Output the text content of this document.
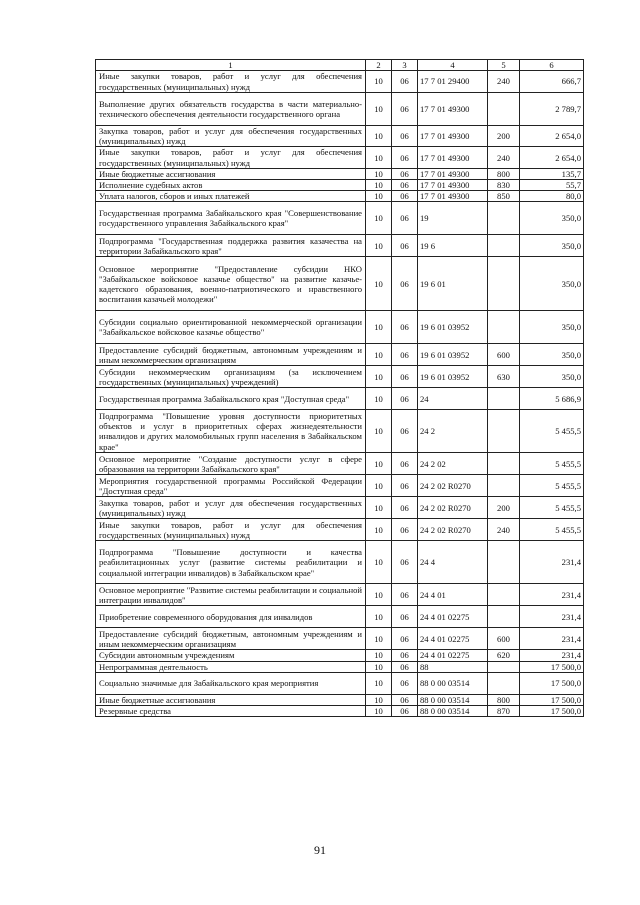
1	2	3	4	5	6
Иные закупки товаров, работ и услуг для обеспечения государственных (муниципальных) нужд	10	06	17 7 01 29400	240	666,7
Выполнение других обязательств государства в части материально-технического обеспечения деятельности государственного органа	10	06	17 7 01 49300		2 789,7
Закупка товаров, работ и услуг для обеспечения государственных (муниципальных) нужд	10	06	17 7 01 49300	200	2 654,0
Иные закупки товаров, работ и услуг для обеспечения государственных (муниципальных) нужд	10	06	17 7 01 49300	240	2 654,0
Иные бюджетные ассигнования	10	06	17 7 01 49300	800	135,7
Исполнение судебных актов	10	06	17 7 01 49300	830	55,7
Уплата налогов, сборов и иных платежей	10	06	17 7 01 49300	850	80,0
Государственная программа Забайкальского края "Совершенствование государственного управления Забайкальского края"	10	06	19		350,0
Подпрограмма "Государственная поддержка развития казачества на территории Забайкальского края"	10	06	19 6		350,0
Основное мероприятие "Предоставление субсидии НКО "Забайкальское войсковое казачье общество" на развитие казачье-кадетского образования, военно-патриотического и нравственного воспитания казачьей молодежи"	10	06	19 6 01		350,0
Субсидии социально ориентированной некоммерческой организации "Забайкальское войсковое казачье общество"	10	06	19 6 01 03952		350,0
Предоставление субсидий бюджетным, автономным учреждениям и иным некоммерческим организациям	10	06	19 6 01 03952	600	350,0
Субсидии некоммерческим организациям (за исключением государственных (муниципальных) учреждений)	10	06	19 6 01 03952	630	350,0
Государственная программа Забайкальского края "Доступная среда"	10	06	24		5 686,9
Подпрограмма "Повышение уровня доступности приоритетных объектов и услуг в приоритетных сферах жизнедеятельности инвалидов и других маломобильных групп населения в Забайкальском крае"	10	06	24 2		5 455,5
Основное мероприятие "Создание доступности услуг в сфере образования на территории Забайкальского края"	10	06	24 2 02		5 455,5
Мероприятия государственной программы Российской Федерации "Доступная среда"	10	06	24 2 02 R0270		5 455,5
Закупка товаров, работ и услуг для обеспечения государственных (муниципальных) нужд	10	06	24 2 02 R0270	200	5 455,5
Иные закупки товаров, работ и услуг для обеспечения государственных (муниципальных) нужд	10	06	24 2 02 R0270	240	5 455,5
Подпрограмма "Повышение доступности и качества реабилитационных услуг (развитие системы реабилитации и социальной интеграции инвалидов) в Забайкальском крае"	10	06	24 4		231,4
Основное мероприятие "Развитие системы реабилитации и социальной интеграции инвалидов"	10	06	24 4 01		231,4
Приобретение современного оборудования для инвалидов	10	06	24 4 01 02275		231,4
Предоставление субсидий бюджетным, автономным учреждениям и иным некоммерческим организациям	10	06	24 4 01 02275	600	231,4
Субсидии автономным учреждениям	10	06	24 4 01 02275	620	231,4
Непрограммная деятельность	10	06	88		17 500,0
Социально значимые для Забайкальского края мероприятия	10	06	88 0 00 03514		17 500,0
Иные бюджетные ассигнования	10	06	88 0 00 03514	800	17 500,0
Резервные средства	10	06	88 0 00 03514	870	17 500,0
91
